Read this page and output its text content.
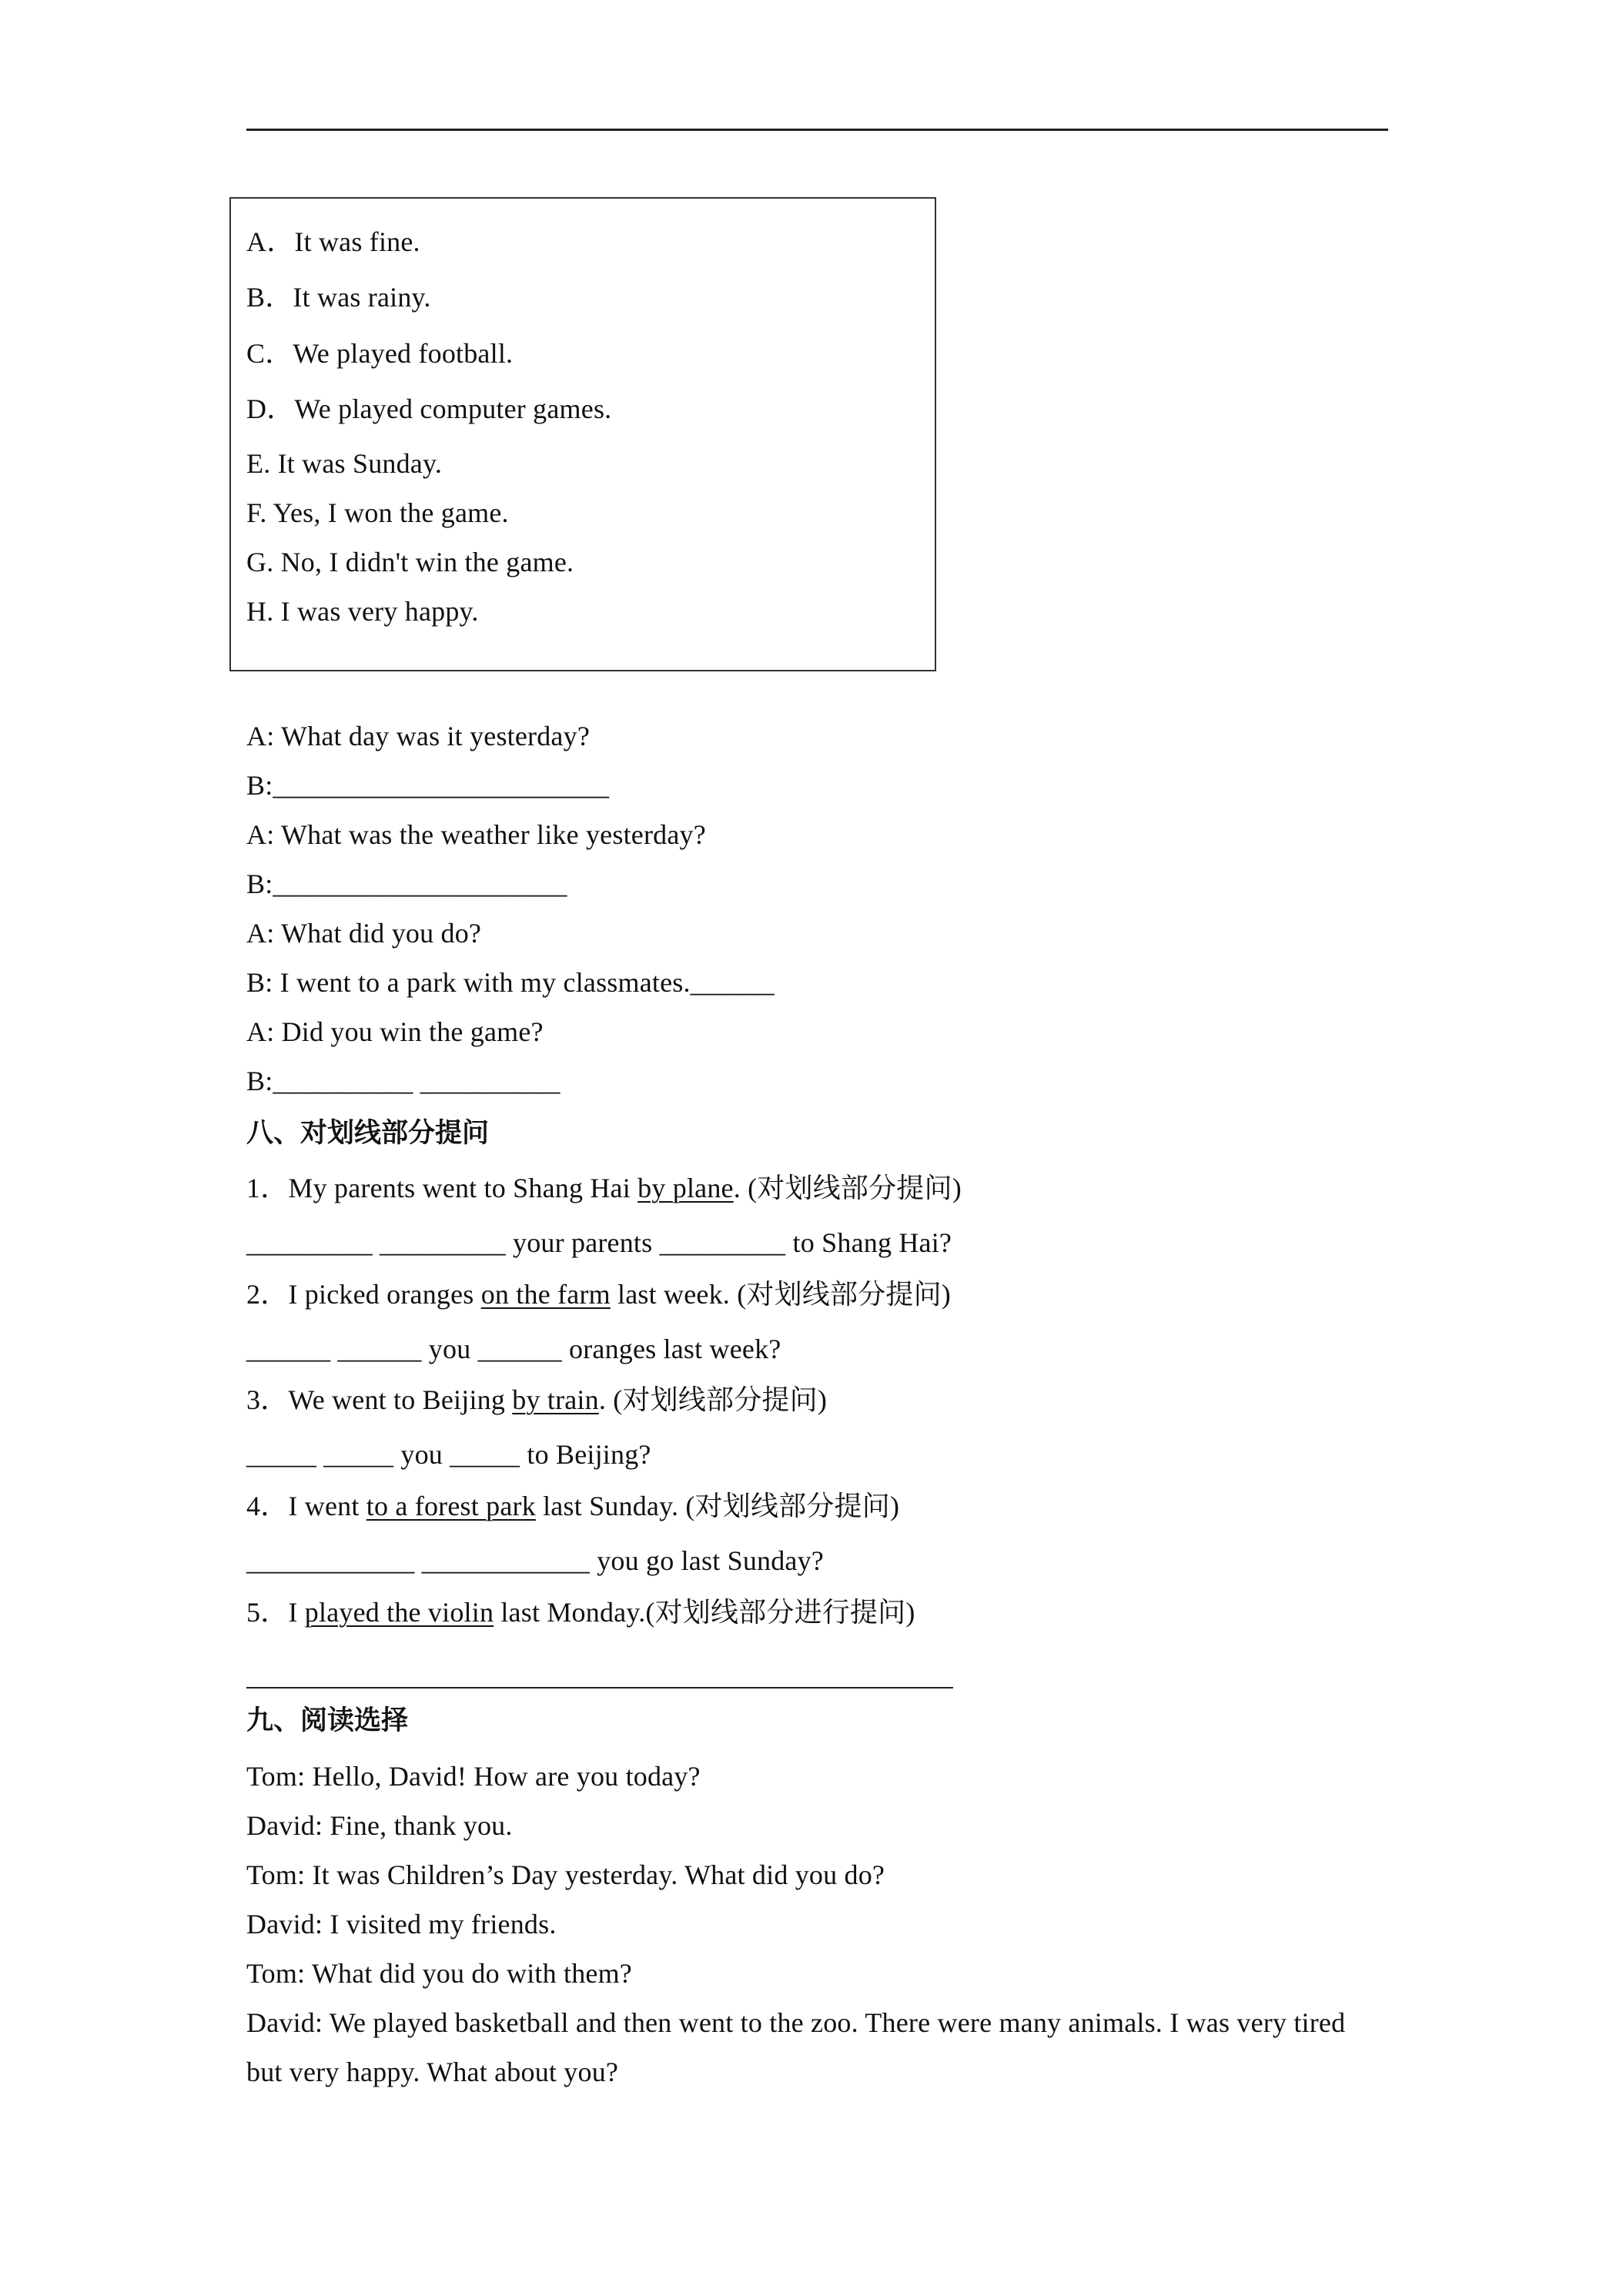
A．It was fine.
B．It was rainy.
C．We played football.
D．We played computer games.
E. It was Sunday.
F. Yes, I won the game.
G. No, I didn't win the game.
H. I was very happy.
A: What day was it yesterday?
B:________________________
A: What was the weather like yesterday?
B:_____________________
A: What did you do?
B: I went to a park with my classmates.______
A: Did you win the game?
B:__________ __________
八、对划线部分提问
1．My parents went to Shang Hai by plane. (对划线部分提问)
_________ _________ your parents _________ to Shang Hai?
2．I picked oranges on the farm last week. (对划线部分提问)
______ ______ you ______ oranges last week?
3．We went to Beijing by train. (对划线部分提问)
_____ _____ you _____ to Beijing?
4．I went to a forest park last Sunday. (对划线部分提问)
____________ ____________ you go last Sunday?
5．I played the violin last Monday.(对划线部分进行提问)
九、阅读选择
Tom: Hello, David! How are you today?
David: Fine, thank you.
Tom: It was Children’s Day yesterday. What did you do?
David: I visited my friends.
Tom: What did you do with them?
David: We played basketball and then went to the zoo. There were many animals. I was very tired
but very happy. What about you?
